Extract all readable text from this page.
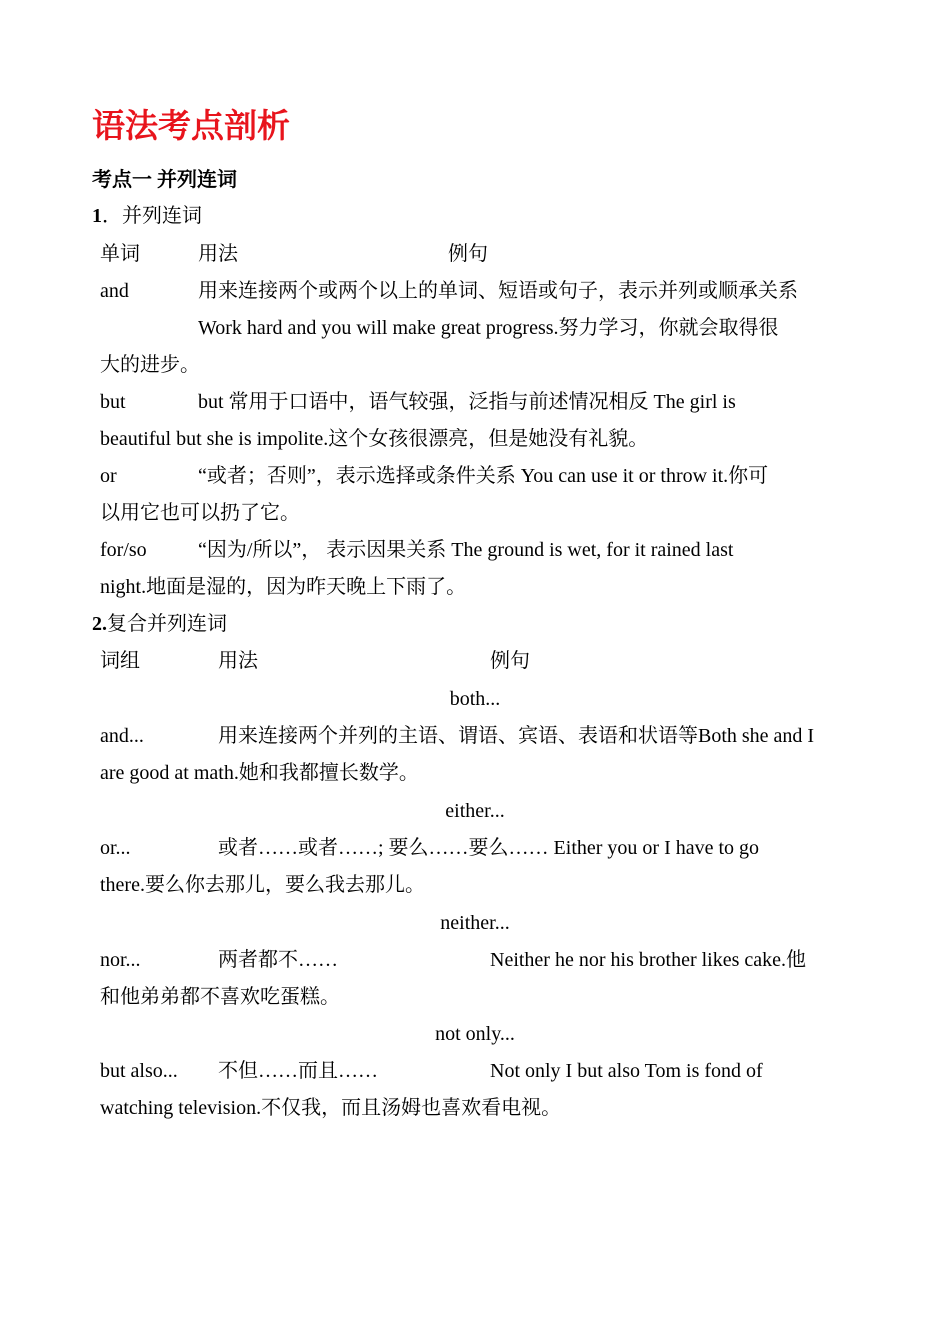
语法考点剖析
考点一 并列连词
1．并列连词
单词	用法	例句
and	用来连接两个或两个以上的单词、短语或句子，表示并列或顺承关系
Work hard and you will make great progress.努力学习，你就会取得很
大的进步。
but	but 常用于口语中，语气较强，泛指与前述情况相反 The girl is
beautiful but she is impolite.这个女孩很漂亮，但是她没有礼貌。
or	“或者；否则”，表示选择或条件关系 You can use it or throw it.你可
以用它也可以扔了它。
for/so	“因为/所以”， 表示因果关系 The ground is wet, for it rained last
night.地面是湿的，因为昨天晚上下雨了。
2.复合并列连词
词组	用法	例句
both...
and...	用来连接两个并列的主语、谓语、宾语、表语和状语等Both she and I
are good at math.她和我都擅长数学。
either...
or...	或者……或者……; 要么……要么…… Either you or I have to go
there.要么你去那儿，要么我去那儿。
neither...
nor...	两者都不……	Neither he nor his brother likes cake.他
和他弟弟都不喜欢吃蛋糕。
not only...
but also... 不但……而且……	Not only I but also Tom is fond of
watching television.不仅我，而且汤姆也喜欢看电视。
